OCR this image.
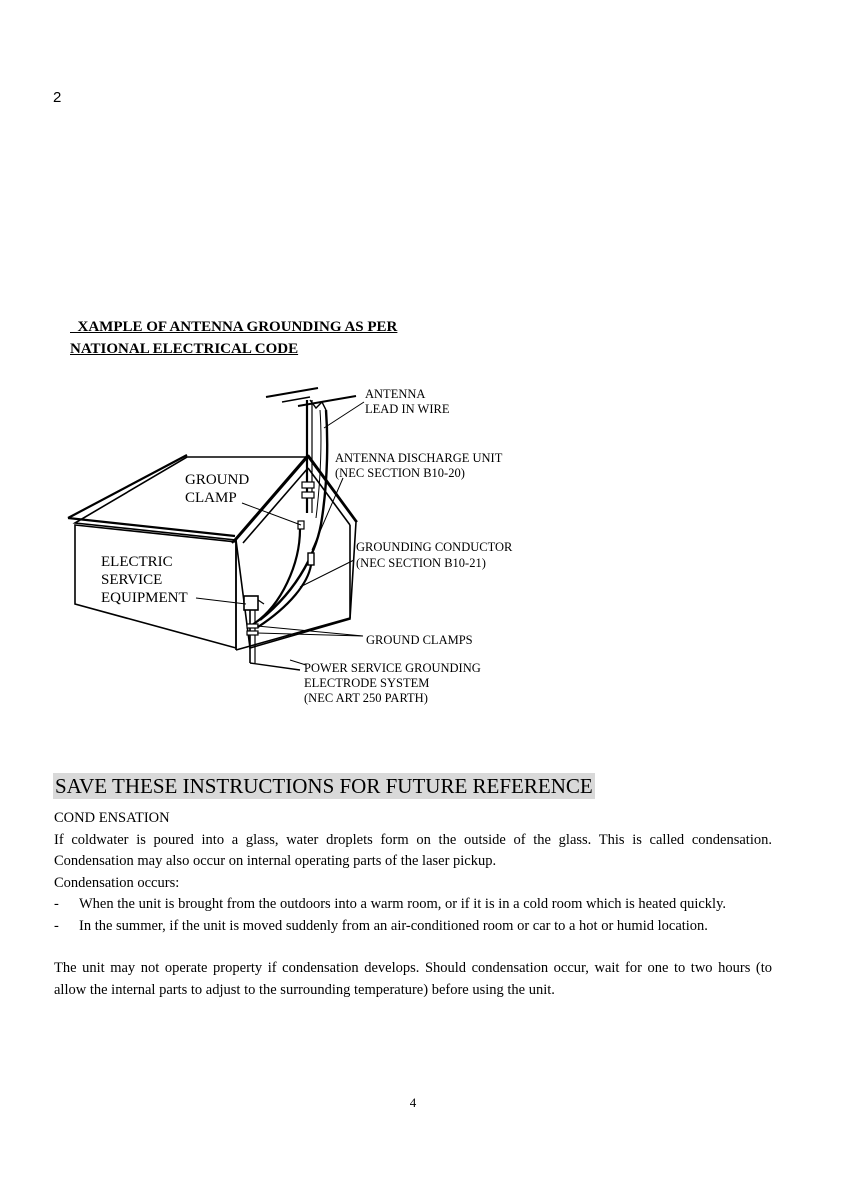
2
XAMPLE OF ANTENNA GROUNDING AS PER
NATIONAL ELECTRICAL CODE
ANTENNA
LEAD IN WIRE
ANTENNA DISCHARGE UNIT
(NEC SECTION B10-20)
GROUND
CLAMP
GROUNDING CONDUCTOR
(NEC SECTION B10-21)
ELECTRIC
SERVICE
EQUIPMENT
GROUND CLAMPS
POWER SERVICE GROUNDING
ELECTRODE SYSTEM
(NEC ART 250 PARTH)
SAVE THESE INSTRUCTIONS FOR FUTURE REFERENCE

COND ENSATION

If coldwater is poured into a glass, water droplets form on the outside of the glass. This is called condensation. Condensation may also occur on internal operating parts of the laser pickup.

Condensation occurs:

- When the unit is brought from the outdoors into a warm room, or if it is in a cold room which is heated quickly.
- In the summer, if the unit is moved suddenly from an air-conditioned room or car to a hot or humid location.

The unit may not operate property if condensation develops. Should condensation occur, wait for one to two hours (to allow the internal parts to adjust to the surrounding temperature) before using the unit.

4
